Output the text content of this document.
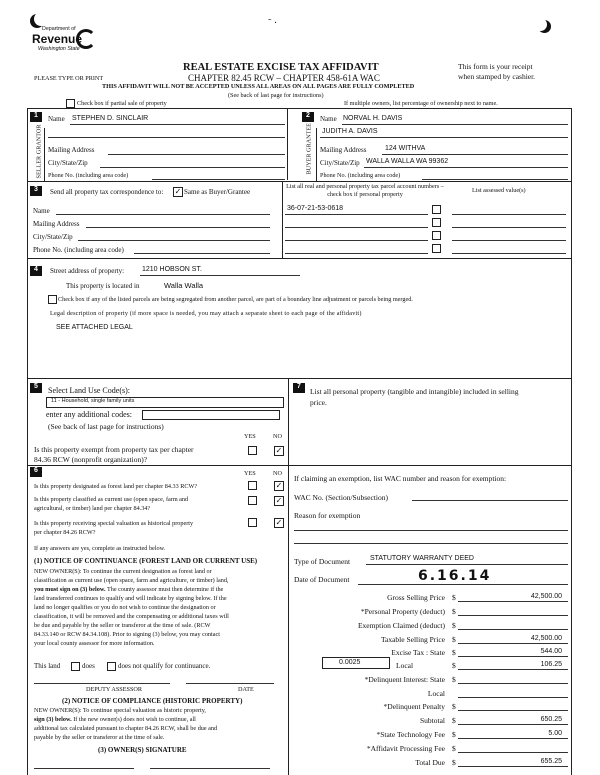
Department of
Revenue
Washington State
˜ ·
REAL ESTATE EXCISE TAX AFFIDAVIT
CHAPTER 82.45 RCW – CHAPTER 458-61A WAC
This form is your receipt
when stamped by cashier.
PLEASE TYPE OR PRINT
THIS AFFIDAVIT WILL NOT BE ACCEPTED UNLESS ALL AREAS ON ALL PAGES ARE FULLY COMPLETED
(See back of last page for instructions)
Check box if partial sale of property	If multiple owners, list percentage of ownership next to name.
1
SELLER GRANTOR
Name STEPHEN D. SINCLAIR
Mailing Address
City/State/Zip
Phone No. (including area code)
2
BUYER GRANTEE
Name NORVAL H. DAVIS
JUDITH A. DAVIS
Mailing Address	124 WITHVA
City/State/Zip WALLA WALLA WA 99362
Phone No. (including area code)
3	Send all property tax correspondence to: ✓ Same as Buyer/Grantee
Name
Mailing Address
City/State/Zip
Phone No. (including area code)
List all real and personal property tax parcel account numbers – check box if personal property
List assessed value(s)
36-07-21-53-0618
4	Street address of property:	1210 HOBSON ST.
This property is located in	Walla Walla
Check box if any of the listed parcels are being segregated from another parcel, are part of a boundary line adjustment or parcels being merged.
Legal description of property (if more space is needed, you may attach a separate sheet to each page of the affidavit)
SEE ATTACHED LEGAL
5	Select Land Use Code(s):
11 - Household, single family units
enter any additional codes:
(See back of last page for instructions)
YES	NO
Is this property exempt from property tax per chapter
84.36 RCW (nonprofit organization)?
✓
6	YES	NO
Is this property designated as forest land per chapter 84.33 RCW?	✓
Is this property classified as current use (open space, farm and
agricultural, or timber) land per chapter 84.34?
✓
Is this property receiving special valuation as historical property
per chapter 84.26 RCW?
✓
If any answers are yes, complete as instructed below.
(1) NOTICE OF CONTINUANCE (FOREST LAND OR CURRENT USE)
NEW OWNER(S): To continue the current designation as forest land or
classification as current use (open space, farm and agriculture, or timber) land,
you must sign on (3) below. The county assessor must then determine if the
land transferred continues to qualify and will indicate by signing below. If the
land no longer qualifies or you do not wish to continue the designation or
classification, it will be removed and the compensating or additional taxes will
be due and payable by the seller or transferor at the time of sale. (RCW
84.33.140 or RCW 84.34.108). Prior to signing (3) below, you may contact
your local county assessor for more information.
This land	does	does not qualify for continuance.
DEPUTY ASSESSOR	DATE
(2) NOTICE OF COMPLIANCE (HISTORIC PROPERTY)
NEW OWNER(S): To continue special valuation as historic property,
sign (3) below. If the new owner(s) does not wish to continue, all
additional tax calculated pursuant to chapter 84.26 RCW, shall be due and
payable by the seller or transferor at the time of sale.
(3) OWNER(S) SIGNATURE
7
List all personal property (tangible and intangible) included in selling
price.
If claiming an exemption, list WAC number and reason for exemption:
WAC No. (Section/Subsection)
Reason for exemption
Type of Document	STATUTORY WARRANTY DEED
Date of Document	6.16.14
Gross Selling Price $	42,500.00
*Personal Property (deduct) $
Exemption Claimed (deduct) $
Taxable Selling Price $	42,500.00
Excise Tax : State $	544.00
0.0025	Local	$	106.25
*Delinquent Interest: State $
Local
*Delinquent Penalty $
Subtotal $	650.25
*State Technology Fee $	5.00
*Affidavit Processing Fee $
Total Due $	655.25
